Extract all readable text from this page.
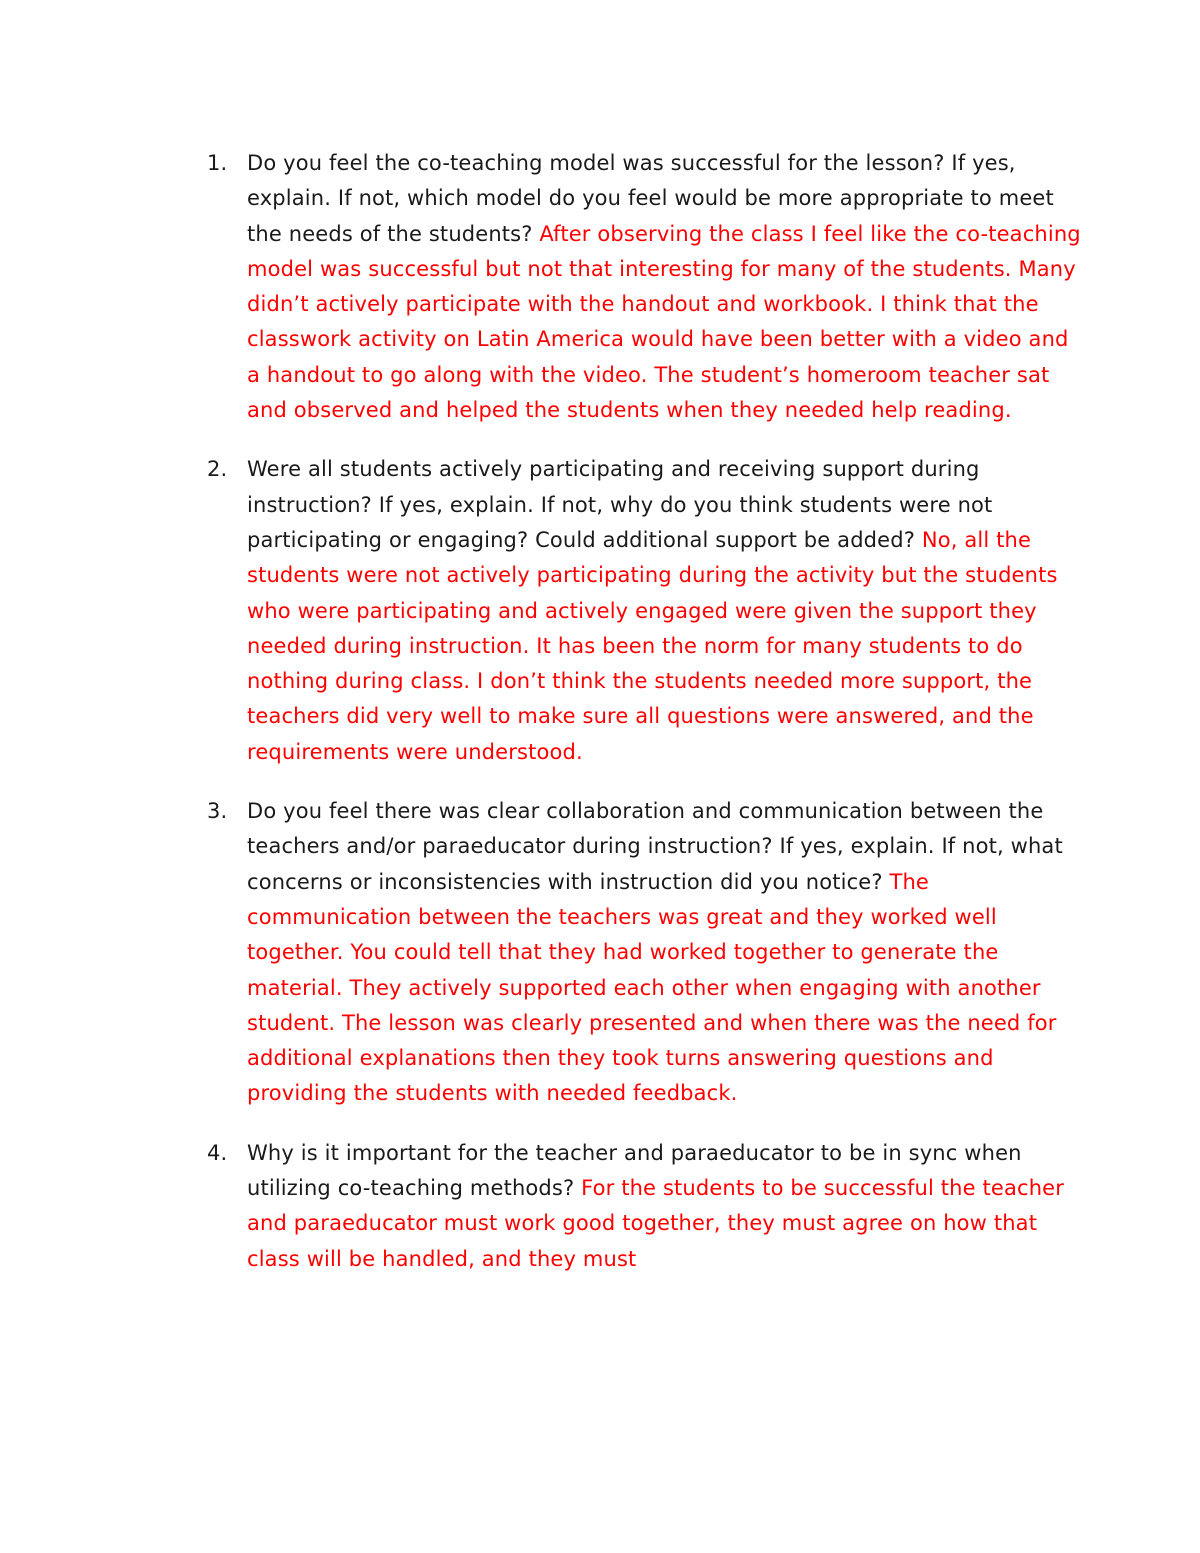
1. Do you feel the co-teaching model was successful for the lesson? If yes, explain. If not, which model do you feel would be more appropriate to meet the needs of the students? After observing the class I feel like the co-teaching model was successful but not that interesting for many of the students. Many didn’t actively participate with the handout and workbook. I think that the classwork activity on Latin America would have been better with a video and a handout to go along with the video. The student’s homeroom teacher sat and observed and helped the students when they needed help reading.
2. Were all students actively participating and receiving support during instruction? If yes, explain. If not, why do you think students were not participating or engaging? Could additional support be added? No, all the students were not actively participating during the activity but the students who were participating and actively engaged were given the support they needed during instruction. It has been the norm for many students to do nothing during class. I don’t think the students needed more support, the teachers did very well to make sure all questions were answered, and the requirements were understood.
3. Do you feel there was clear collaboration and communication between the teachers and/or paraeducator during instruction? If yes, explain. If not, what concerns or inconsistencies with instruction did you notice? The communication between the teachers was great and they worked well together. You could tell that they had worked together to generate the material. They actively supported each other when engaging with another student. The lesson was clearly presented and when there was the need for additional explanations then they took turns answering questions and providing the students with needed feedback.
4. Why is it important for the teacher and paraeducator to be in sync when utilizing co-teaching methods? For the students to be successful the teacher and paraeducator must work good together, they must agree on how that class will be handled, and they must
